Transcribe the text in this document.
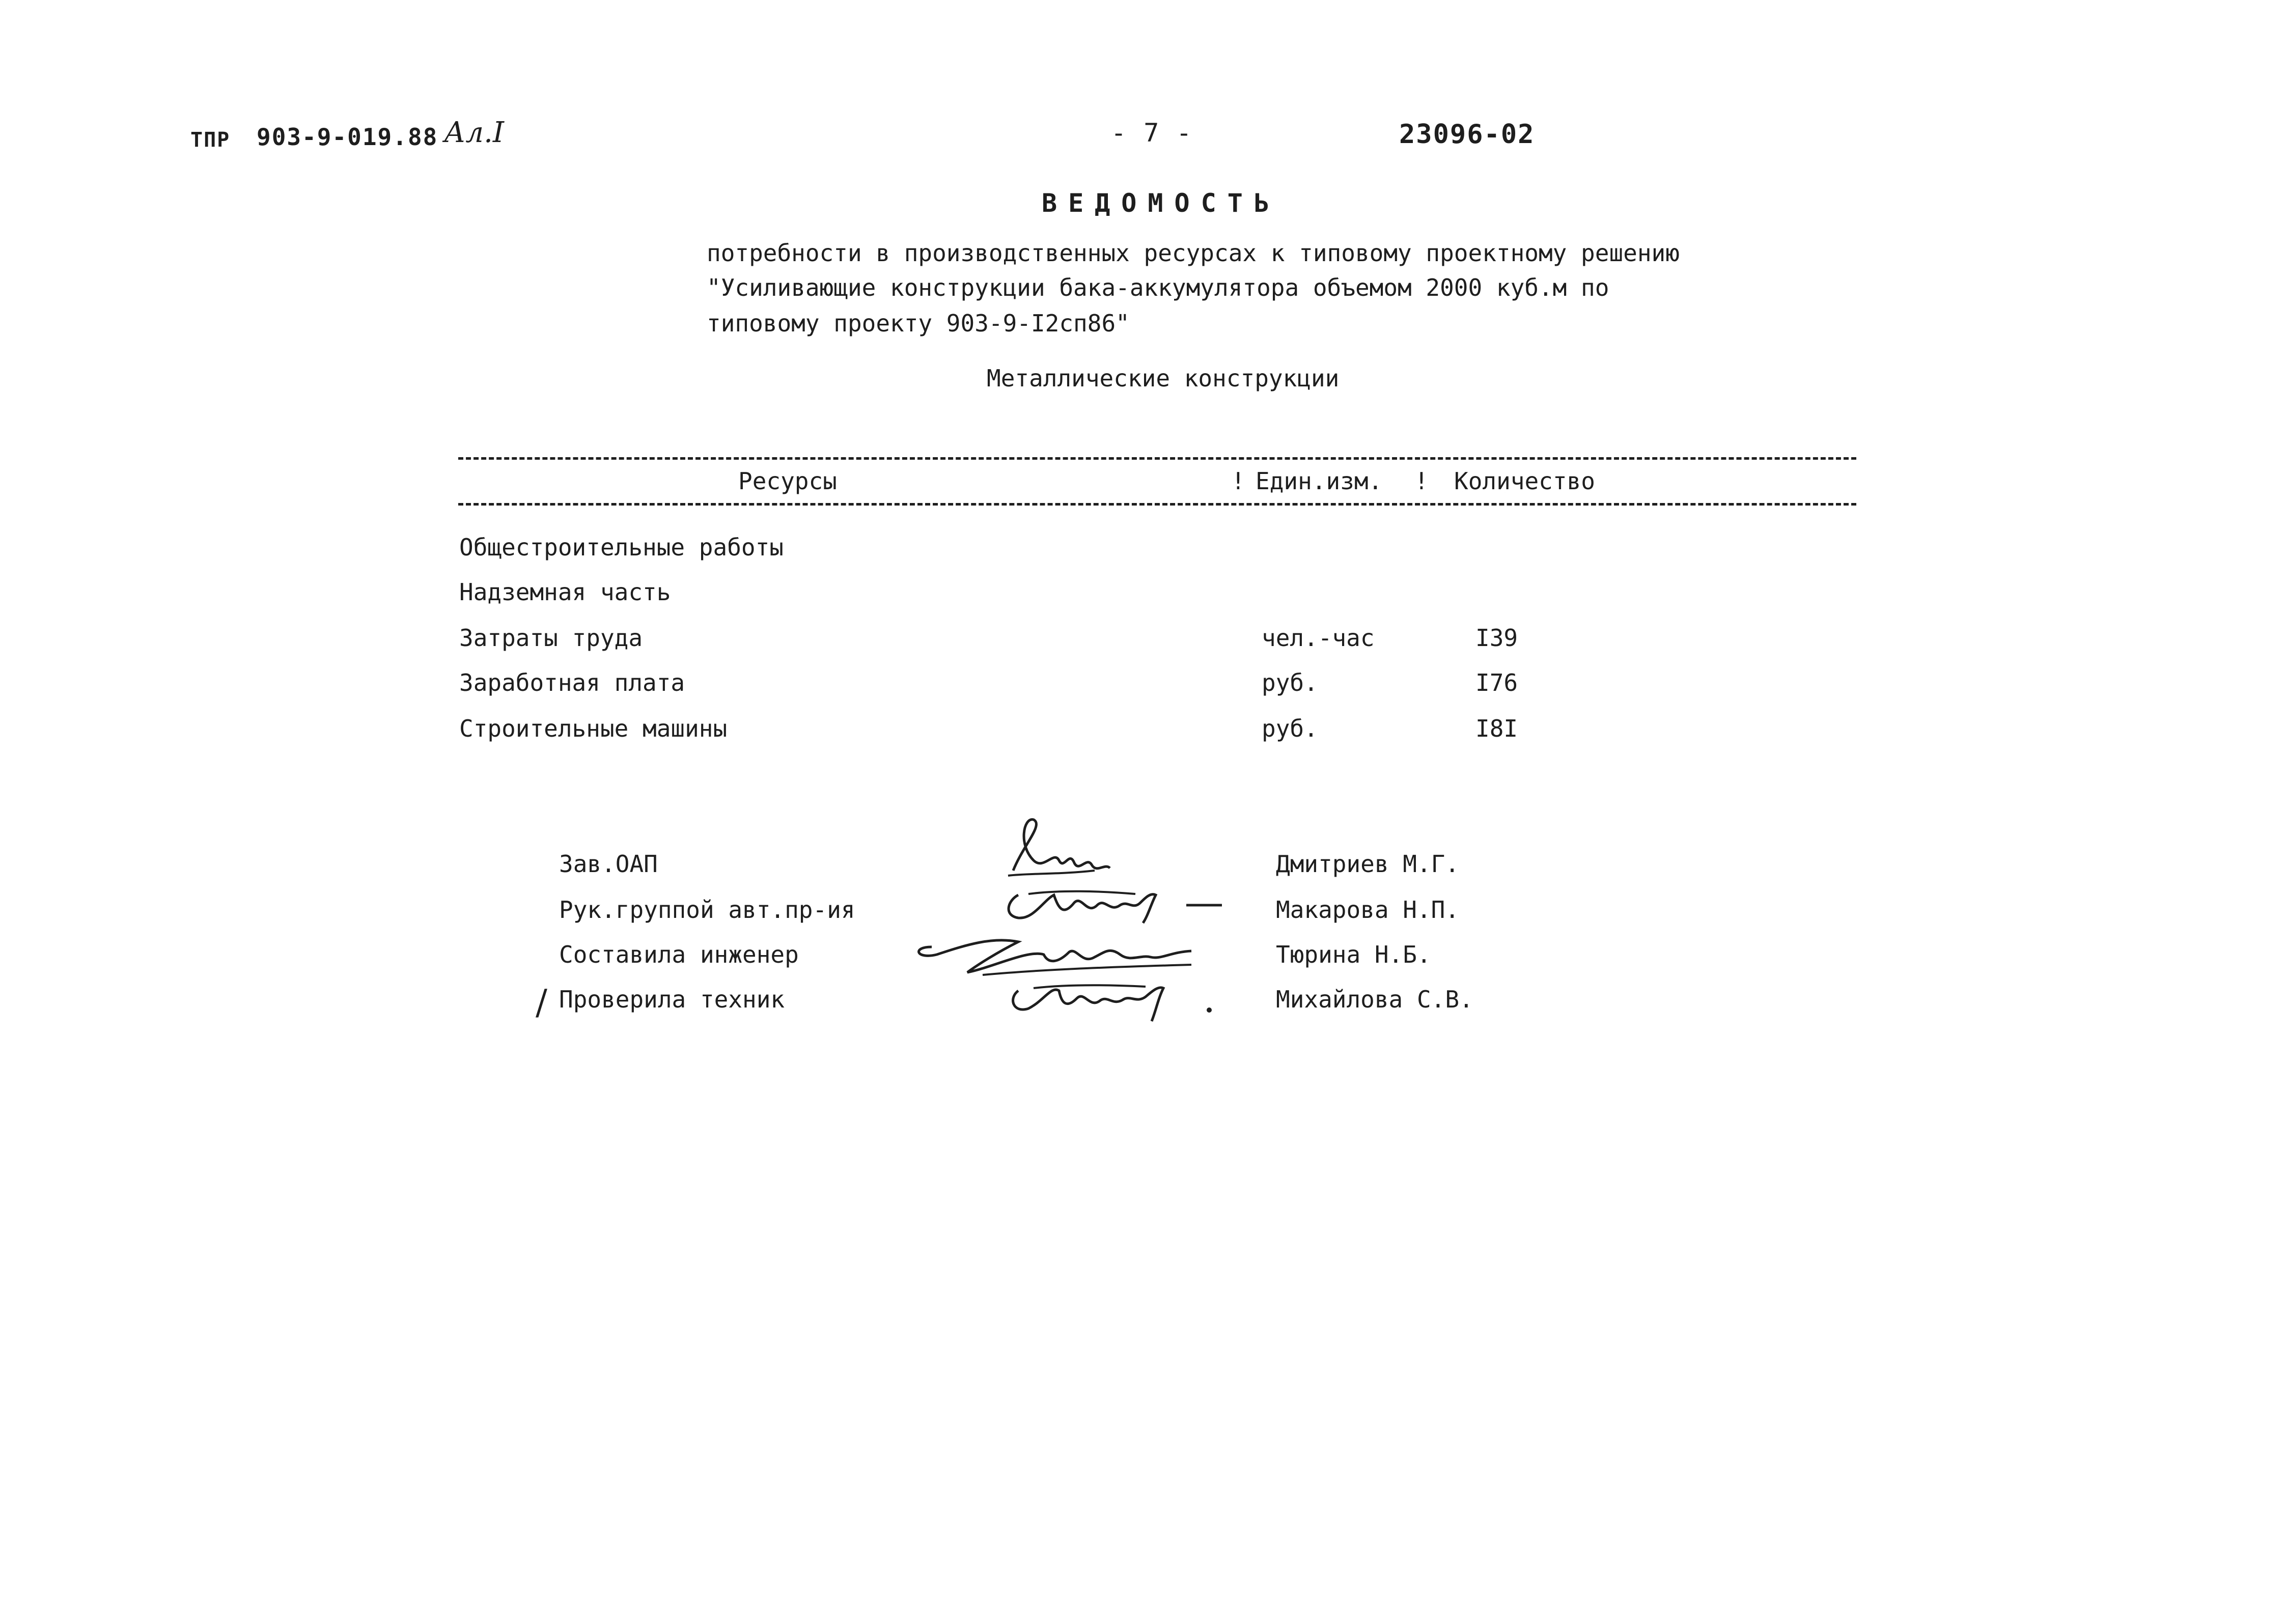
ТПР 903-9-019.88 Ал.I	- 7 -	23096-02
ВЕДОМОСТЬ
потребности в производственных ресурсах к типовому проектному решению
"Усиливающие конструкции бака-аккумулятора объемом 2000 куб.м по
типовому проекту 903-9-I2сп86"
Металлические конструкции
Ресурсы	! Един.изм. ! Количество
Общестроительные работы
Надземная часть
Затраты труда	чел.-час	I39
Заработная плата	руб.	I76
Строительные машины	руб.	I8I
Зав.ОАП	Дмитриев М.Г.
Рук.группой авт.пр-ия	Макарова Н.П.
Составила инженер	Тюрина Н.Б.
/ Проверила техник	Михайлова С.В.
